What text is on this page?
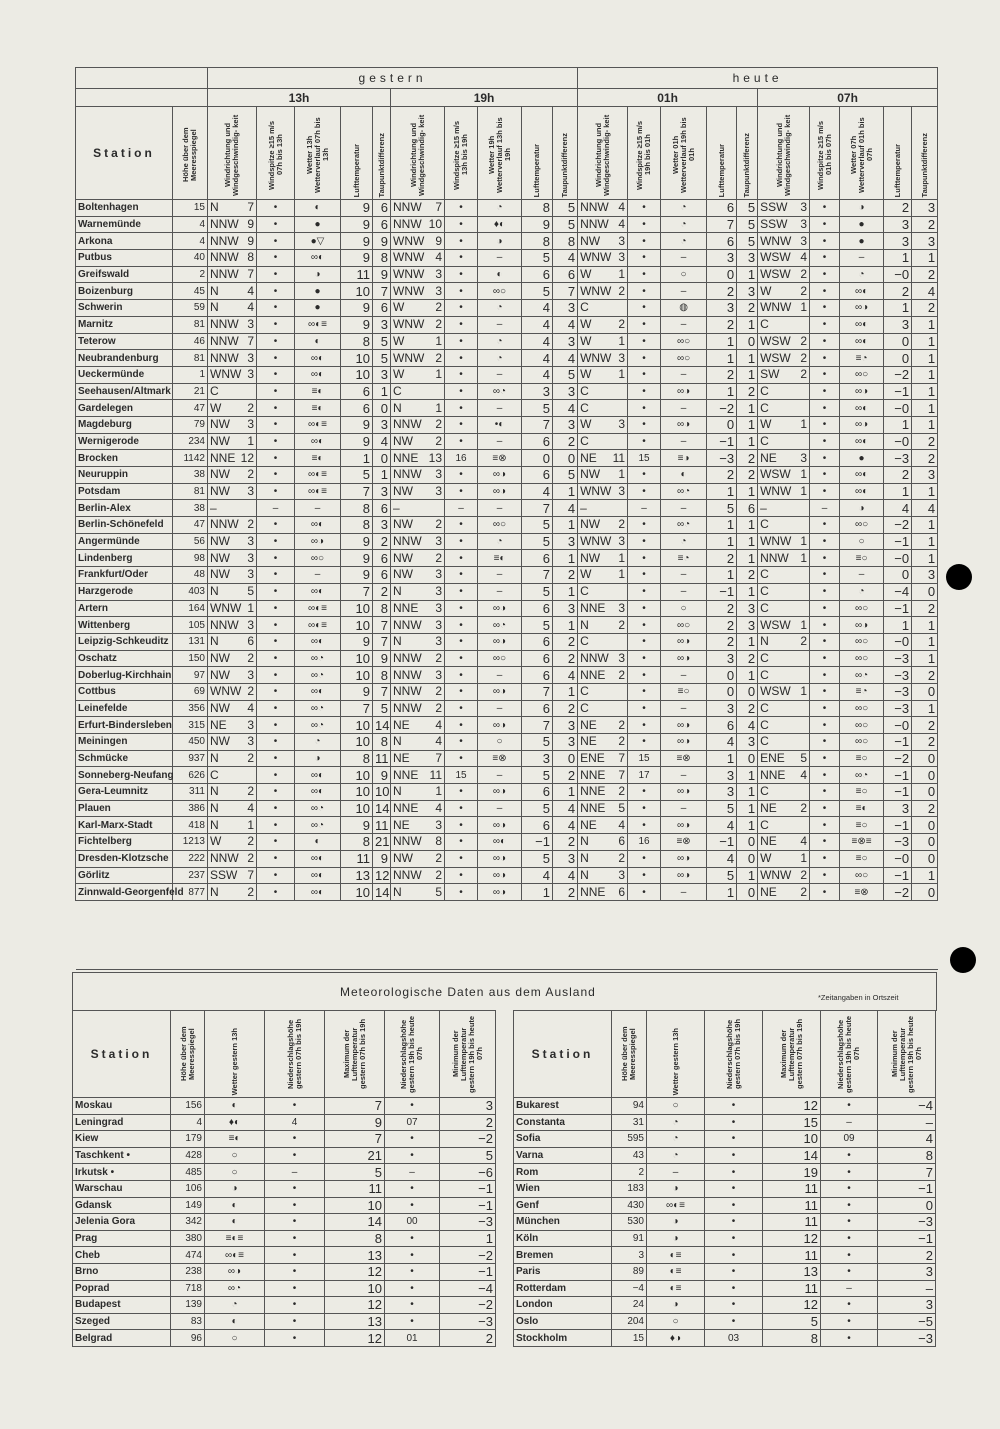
		gestern										heute									
		13h					19h					01h					07h				
Station	Höhe über dem Meeresspiegel	Windrichtung und Windgeschwindig- keit	Windspitze ≥15 m/s 07h bis 13h	Wetter 13h Wetterverlauf 07h bis 13h	Lufttemperatur	Taupunktdifferenz	Windrichtung und Windgeschwindig- keit	Windspitze ≥15 m/s 13h bis 19h	Wetter 19h Wetterverlauf 13h bis 19h	Lufttemperatur	Taupunktdifferenz	Windrichtung und Windgeschwindig- keit	Windspitze ≥15 m/s 19h bis 01h	Wetter 01h Wetterverlauf 19h bis 01h	Lufttemperatur	Taupunktdifferenz	Windrichtung und Windgeschwindig- keit	Windspitze ≥15 m/s 01h bis 07h	Wetter 07h Wetterverlauf 01h bis 07h	Lufttemperatur	Taupunktdifferenz

Boltenhagen	15	N 7	•	◐	9	6	NNW 7	•	◔	8	5	NNW 4	•	◔	6	5	SSW 3	•	◑	2	3
Warnemünde	4	NNW 9	•	●	9	6	NNW 10	•	♦◐	9	5	NNW 4	•	◔	7	5	SSW 3	•	●	3	2
Arkona	4	NNW 9	•	●▽	9	9	WNW 9	•	◑	8	8	NW 3	•	◔	6	5	WNW 3	•	●	3	3
Putbus	40	NNW 8	•	∞◐	9	8	WNW 4	•	–	5	4	WNW 3	•	–	3	3	WSW 4	•	–	1	1
Greifswald	2	NNW 7	•	◑	11	9	WNW 3	•	◐	6	6	W 1	•	○	0	1	WSW 2	•	◔	−0	2
Boizenburg	45	N 4	•	●	10	7	WNW 3	•	∞○	5	7	WNW 2	•	–	2	3	W 2	•	∞◐	2	4
Schwerin	59	N 4	•	●	9	6	W 2	•	◔	4	3	C	•	◍	3	2	WNW 1	•	∞◑	1	2
Marnitz	81	NNW 3	•	∞◐≡	9	3	WNW 2	•	–	4	4	W 2	•	–	2	1	C	•	∞◐	3	1
Teterow	46	NNW 7	•	◐	8	5	W 1	•	◔	4	3	W 1	•	∞○	1	0	WSW 2	•	∞◐	0	1
Neubrandenburg	81	NNW 3	•	∞◐	10	5	WNW 2	•	◔	4	4	WNW 3	•	∞○	1	1	WSW 2	•	≡◔	0	1
Ueckermünde	1	WNW 3	•	∞◐	10	3	W 1	•	–	4	5	W 1	•	–	2	1	SW 2	•	∞○	−2	1
Seehausen/Altmark	21	C	•	≡◐	6	1	C	•	∞◔	3	3	C	•	∞◑	1	2	C	•	∞◑	−1	1
Gardelegen	47	W 2	•	≡◐	6	0	N 1	•	–	5	4	C	•	–	−2	1	C	•	∞◐	−0	1
Magdeburg	79	NW 3	•	∞◐≡	9	3	NNW 2	•	•◐	7	3	W 3	•	∞◑	0	1	W 1	•	∞◑	1	1
Wernigerode	234	NW 1	•	∞◐	9	4	NW 2	•	–	6	2	C	•	–	−1	1	C	•	∞◐	−0	2
Brocken	1142	NNE 12	•	≡◐	1	0	NNE 13	16	≡⊗	0	0	NE 11	15	≡◑	−3	2	NE 3	•	●	−3	2
Neuruppin	38	NW 2	•	∞◐≡	5	1	NNW 3	•	∞◑	6	5	NW 1	•	◐	2	2	WSW 1	•	∞◐	2	3
Potsdam	81	NW 3	•	∞◐≡	7	3	NW 3	•	∞◑	4	1	WNW 3	•	∞◔	1	1	WNW 1	•	∞◐	1	1
Berlin-Alex	38	–	–	–	8	6	–	–	–	7	4	–	–	–	5	6	–	–	◑	4	4
Berlin-Schönefeld	47	NNW 2	•	∞◐	8	3	NW 2	•	∞○	5	1	NW 2	•	∞◔	1	1	C	•	∞○	−2	1
Angermünde	56	NW 3	•	∞◑	9	2	NNW 3	•	◔	5	3	WNW 3	•	◔	1	1	WNW 1	•	○	−1	1
Lindenberg	98	NW 3	•	∞○	9	6	NW 2	•	≡◐	6	1	NW 1	•	≡◔	2	1	NNW 1	•	≡○	−0	1
Frankfurt/Oder	48	NW 3	•	–	9	6	NW 3	•	–	7	2	W 1	•	–	1	2	C	•	–	0	3
Harzgerode	403	N 5	•	∞◐	7	2	N 3	•	–	5	1	C	•	–	−1	1	C	•	◔	−4	0
Artern	164	WNW 1	•	∞◐≡	10	8	NNE 3	•	∞◑	6	3	NNE 3	•	○	2	3	C	•	∞○	−1	2
Wittenberg	105	NNW 3	•	∞◐≡	10	7	NNW 3	•	∞◔	5	1	N 2	•	∞○	2	3	WSW 1	•	∞◑	1	1
Leipzig-Schkeuditz	131	N 6	•	∞◐	9	7	N 3	•	∞◑	6	2	C	•	∞◑	2	1	N 2	•	∞○	−0	1
Oschatz	150	NW 2	•	∞◔	10	9	NNW 2	•	∞○	6	2	NNW 3	•	∞◑	3	2	C	•	∞○	−3	1
Doberlug-Kirchhain	97	NW 3	•	∞◔	10	8	NNW 3	•	–	6	4	NNE 2	•	–	0	1	C	•	∞◔	−3	2
Cottbus	69	WNW 2	•	∞◐	9	7	NNW 2	•	∞◑	7	1	C	•	≡○	0	0	WSW 1	•	≡◔	−3	0
Leinefelde	356	NW 4	•	∞◔	7	5	NNW 2	•	–	6	2	C	•	–	3	2	C	•	∞○	−3	1
Erfurt-Bindersleben	315	NE 3	•	∞◔	10	14	NE 4	•	∞◑	7	3	NE 2	•	∞◑	6	4	C	•	∞○	−0	2
Meiningen	450	NW 3	•	◔	10	8	N 4	•	○	5	3	NE 2	•	∞◑	4	3	C	•	∞○	−1	2
Schmücke	937	N 2	•	◑	8	11	NE 7	•	≡⊗	3	0	ENE 7	15	≡⊗	1	0	ENE 5	•	≡○	−2	0
Sonneberg-Neufang	626	C	•	∞◐	10	9	NNE 11	15	–	5	2	NNE 7	17	–	3	1	NNE 4	•	∞◔	−1	0
Gera-Leumnitz	311	N 2	•	∞◐	10	10	N 1	•	∞◑	6	1	NNE 2	•	∞◑	3	1	C	•	≡○	−1	0
Plauen	386	N 4	•	∞◔	10	14	NNE 4	•	–	5	4	NNE 5	•	–	5	1	NE 2	•	≡◐	3	2
Karl-Marx-Stadt	418	N 1	•	∞◔	9	11	NE 3	•	∞◑	6	4	NE 4	•	∞◑	4	1	C	•	≡○	−1	0
Fichtelberg	1213	W 2	•	◐	8	21	NNW 8	•	∞◐	−1	2	N 6	16	≡⊗	−1	0	NE 4	•	≡⊗≡	−3	0
Dresden-Klotzsche	222	NNW 2	•	∞◐	11	9	NW 2	•	∞◑	5	3	N 2	•	∞◑	4	0	W 1	•	≡○	−0	0
Görlitz	237	SSW 7	•	∞◐	13	12	NNW 2	•	∞◑	4	4	N 3	•	∞◑	5	1	WNW 2	•	∞○	−1	1
Zinnwald-Georgenfeld	877	N 2	•	∞◐	10	14	N 5	•	∞◑	1	2	NNE 6	•	–	1	0	NE 2	•	≡⊗	−2	0

Meteorologische Daten aus dem Ausland	*Zeitangaben in Ortszeit
Station	Höhe über dem Meeresspiegel	Wetter gestern 13h	Niederschlagshöhe gestern 07h bis 19h	Maximum der Lufttemperatur gestern 07h bis 19h	Niederschlagshöhe gestern 19h bis heute 07h	Minimum der Lufttemperatur gestern 19h bis heute 07h

Moskau	156	◐	•	7	•	3
Leningrad	4	♦◐	4	9	07	2
Kiew	179	≡◐	•	7	•	−2
Taschkent •	428	○	•	21	•	5
Irkutsk •	485	○	–	5	–	−6
Warschau	106	◑	•	11	•	−1
Gdansk	149	◐	•	10	•	−1
Jelenia Gora	342	◐	•	14	00	−3
Prag	380	≡◐≡	•	8	•	1
Cheb	474	∞◐≡	•	13	•	−2
Brno	238	∞◑	•	12	•	−1
Poprad	718	∞◔	•	10	•	−4
Budapest	139	◔	•	12	•	−2
Szeged	83	◐	•	13	•	−3
Belgrad	96	○	•	12	01	2
Station	Höhe über dem Meeresspiegel	Wetter gestern 13h	Niederschlagshöhe gestern 07h bis 19h	Maximum der Lufttemperatur gestern 07h bis 19h	Niederschlagshöhe gestern 19h bis heute 07h	Minimum der Lufttemperatur gestern 19h bis heute 07h

Bukarest	94	○	•	12	•	−4
Constanta	31	◔	•	15	–	–
Sofia	595	◔	•	10	09	4
Varna	43	◔	•	14	•	8
Rom	2	–	•	19	•	7
Wien	183	◑	•	11	•	−1
Genf	430	∞◐≡	•	11	•	0
München	530	◑	•	11	•	−3
Köln	91	◑	•	12	•	−1
Bremen	3	◐≡	•	11	•	2
Paris	89	◐≡	•	13	•	3
Rotterdam	−4	◐≡	•	11	–	–
London	24	◑	•	12	•	3
Oslo	204	○	•	5	•	−5
Stockholm	15	♦◑	03	8	•	−3
